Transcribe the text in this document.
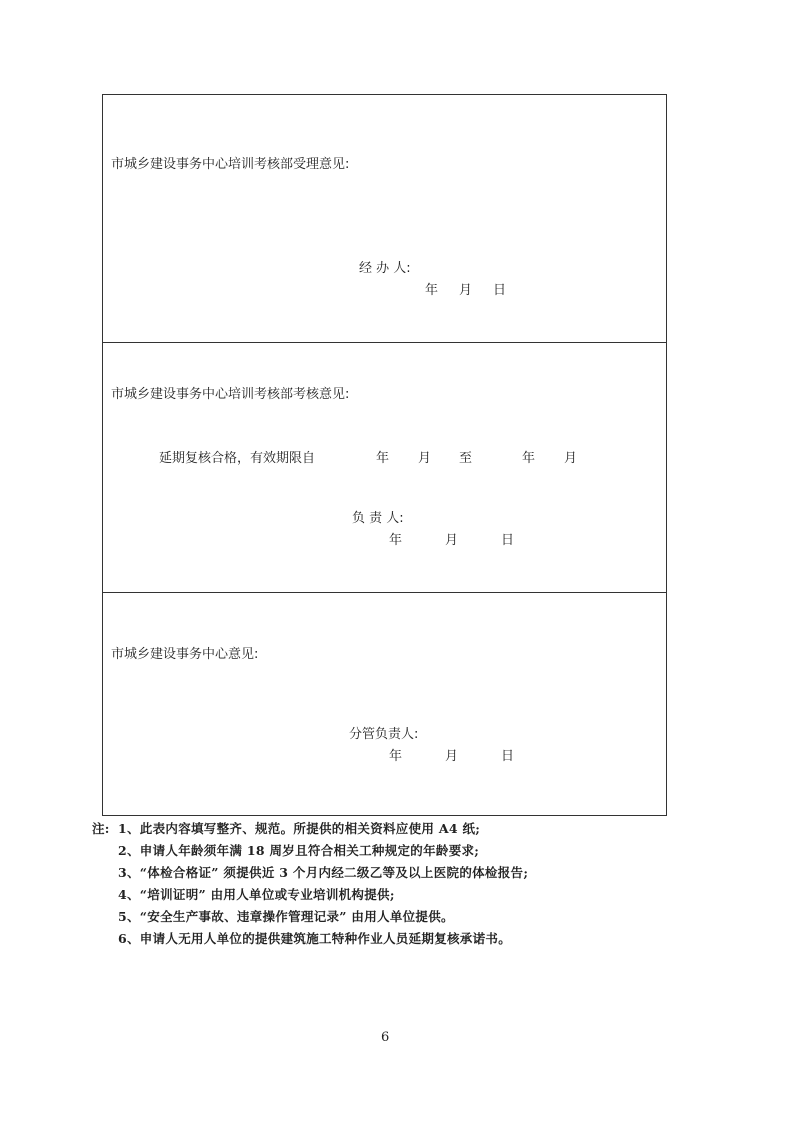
市城乡建设事务中心培训考核部受理意见:
经 办 人:
年 月 日
市城乡建设事务中心培训考核部考核意见:
延期复核合格，有效期限自	年 月 至	年 月
负 责 人:
年	月	日
市城乡建设事务中心意见:
分管负责人:
年	月	日
注: 1、此表内容填写整齐、规范。所提供的相关资料应使用 A4 纸;
2、申请人年龄须年满 18 周岁且符合相关工种规定的年龄要求;
3、“体检合格证” 须提供近 3 个月内经二级乙等及以上医院的体检报告;
4、“培训证明” 由用人单位或专业培训机构提供;
5、“安全生产事故、违章操作管理记录” 由用人单位提供。
6、申请人无用人单位的提供建筑施工特种作业人员延期复核承诺书。
6
